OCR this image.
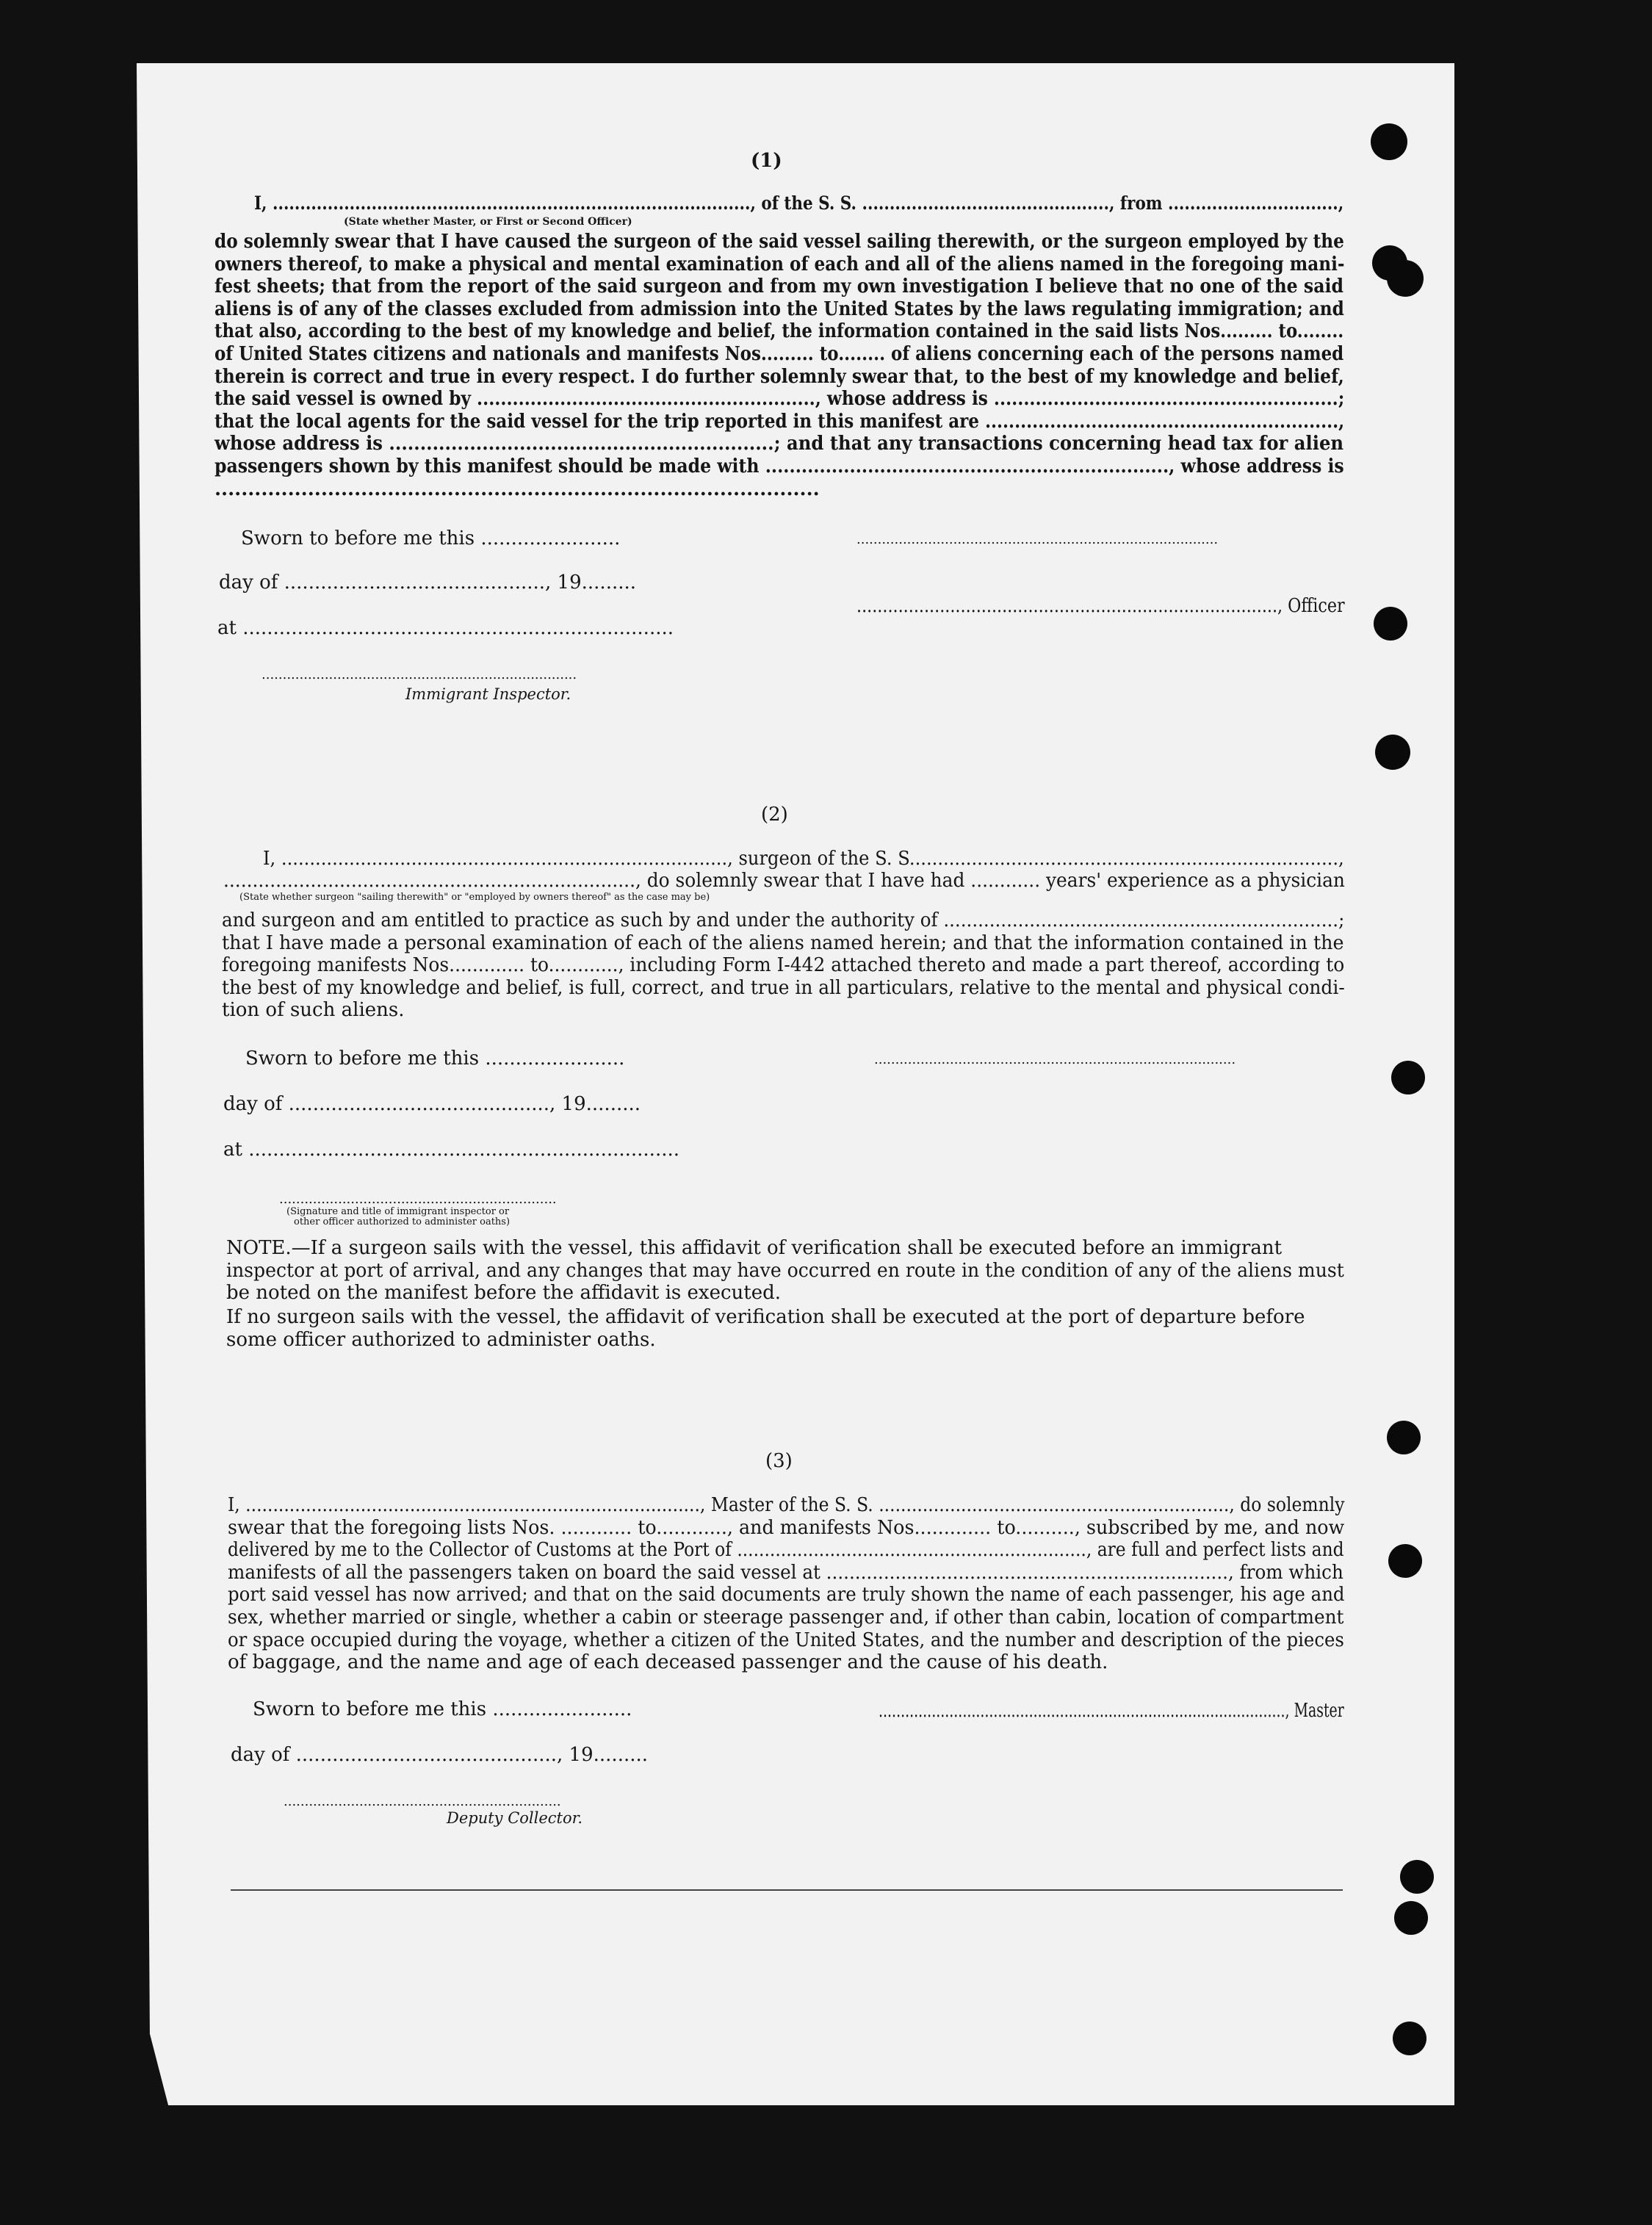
(1)
I, ......................................................................................., of the S. S. ............................................., from ...............................,
(State whether Master, or First or Second Officer)
do solemnly swear that I have caused the surgeon of the said vessel sailing therewith, or the surgeon employed by the
owners thereof, to make a physical and mental examination of each and all of the aliens named in the foregoing mani-
fest sheets; that from the report of the said surgeon and from my own investigation I believe that no one of the said
aliens is of any of the classes excluded from admission into the United States by the laws regulating immigration; and
that also, according to the best of my knowledge and belief, the information contained in the said lists Nos......... to........
of United States citizens and nationals and manifests Nos......... to........ of aliens concerning each of the persons named
therein is correct and true in every respect. I do further solemnly swear that, to the best of my knowledge and belief,
the said vessel is owned by ........................................................., whose address is ..........................................................;
that the local agents for the said vessel for the trip reported in this manifest are ............................................................,
whose address is ..............................................................; and that any transactions concerning head tax for alien
passengers shown by this manifest should be made with ..................................................................., whose address is
...........................................................................................
Sworn to before me this .......................
day of ..........................................., 19.........
at .......................................................................
......................................................................................
................................................................................., Officer
...........................................................................
Immigrant Inspector.
(2)
I, ..............................................................................., surgeon of the S. S............................................................................,
......................................................................., do solemnly swear that I have had ............ years' experience as a physician
(State whether surgeon "sailing therewith" or "employed by owners thereof" as the case may be)
and surgeon and am entitled to practice as such by and under the authority of .....................................................................;
that I have made a personal examination of each of the aliens named herein; and that the information contained in the
foregoing manifests Nos............. to............, including Form I-442 attached thereto and made a part thereof, according to
the best of my knowledge and belief, is full, correct, and true in all particulars, relative to the mental and physical condi-
tion of such aliens.
Sworn to before me this .......................
day of ..........................................., 19.........
at .......................................................................
......................................................................................
..................................................................
(Signature and title of immigrant inspector or
other officer authorized to administer oaths)
NOTE.—If a surgeon sails with the vessel, this affidavit of verification shall be executed before an immigrant
inspector at port of arrival, and any changes that may have occurred en route in the condition of any of the aliens must
be noted on the manifest before the affidavit is executed.
If no surgeon sails with the vessel, the affidavit of verification shall be executed at the port of departure before
some officer authorized to administer oaths.
(3)
I, ..................................................................................., Master of the S. S. ................................................................, do solemnly
swear that the foregoing lists Nos. ............ to............, and manifests Nos............. to.........., subscribed by me, and now
delivered by me to the Collector of Customs at the Port of ................................................................, are full and perfect lists and
manifests of all the passengers taken on board the said vessel at ......................................................................, from which
port said vessel has now arrived; and that on the said documents are truly shown the name of each passenger, his age and
sex, whether married or single, whether a cabin or steerage passenger and, if other than cabin, location of compartment
or space occupied during the voyage, whether a citizen of the United States, and the number and description of the pieces
of baggage, and the name and age of each deceased passenger and the cause of his death.
Sworn to before me this .......................
day of ..........................................., 19.........
............................................................................................, Master
..................................................................
Deputy Collector.
